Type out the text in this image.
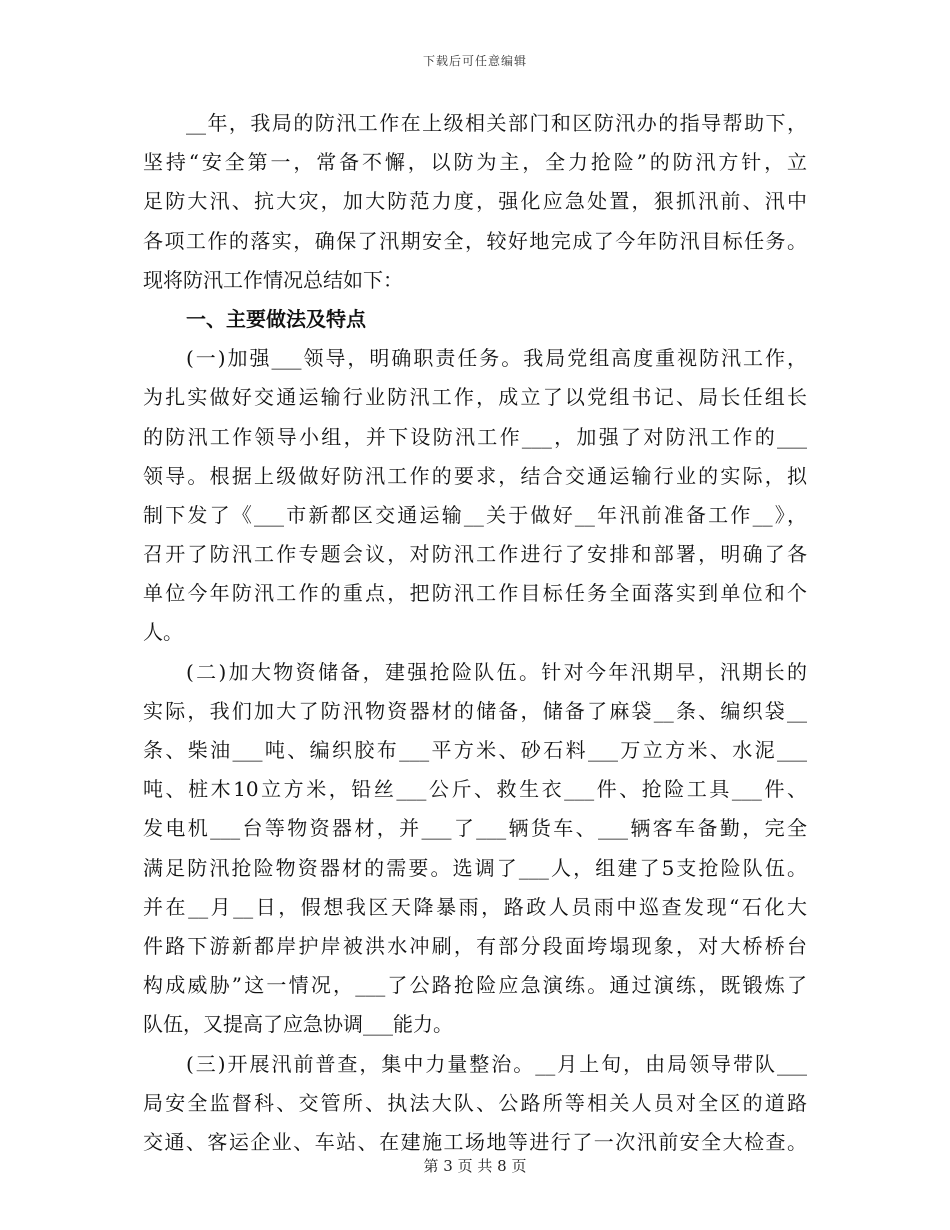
下载后可任意编辑
__年，我局的防汛工作在上级相关部门和区防汛办的指导帮助下，
坚持“安全第一，常备不懈，以防为主，全力抢险”的防汛方针，立
足防大汛、抗大灾，加大防范力度，强化应急处置，狠抓汛前、汛中
各项工作的落实，确保了汛期安全，较好地完成了今年防汛目标任务。
现将防汛工作情况总结如下：
一、主要做法及特点
(一)加强___领导，明确职责任务。我局党组高度重视防汛工作，
为扎实做好交通运输行业防汛工作，成立了以党组书记、局长任组长
的防汛工作领导小组，并下设防汛工作___，加强了对防汛工作的___
领导。根据上级做好防汛工作的要求，结合交通运输行业的实际，拟
制下发了《___市新都区交通运输__关于做好__年汛前准备工作__》，
召开了防汛工作专题会议，对防汛工作进行了安排和部署，明确了各
单位今年防汛工作的重点，把防汛工作目标任务全面落实到单位和个
人。
(二)加大物资储备，建强抢险队伍。针对今年汛期早，汛期长的
实际，我们加大了防汛物资器材的储备，储备了麻袋__条、编织袋__
条、柴油___吨、编织胶布___平方米、砂石料___万立方米、水泥___
吨、桩木10立方米，铅丝___公斤、救生衣___件、抢险工具___件、
发电机___台等物资器材，并___了___辆货车、___辆客车备勤，完全
满足防汛抢险物资器材的需要。选调了___人，组建了5支抢险队伍。
并在__月__日，假想我区天降暴雨，路政人员雨中巡查发现“石化大
件路下游新都岸护岸被洪水冲刷，有部分段面垮塌现象，对大桥桥台
构成威胁”这一情况，___了公路抢险应急演练。通过演练，既锻炼了
队伍，又提高了应急协调___能力。
(三)开展汛前普查，集中力量整治。__月上旬，由局领导带队___
局安全监督科、交管所、执法大队、公路所等相关人员对全区的道路
交通、客运企业、车站、在建施工场地等进行了一次汛前安全大检查。
第 3 页 共 8 页
